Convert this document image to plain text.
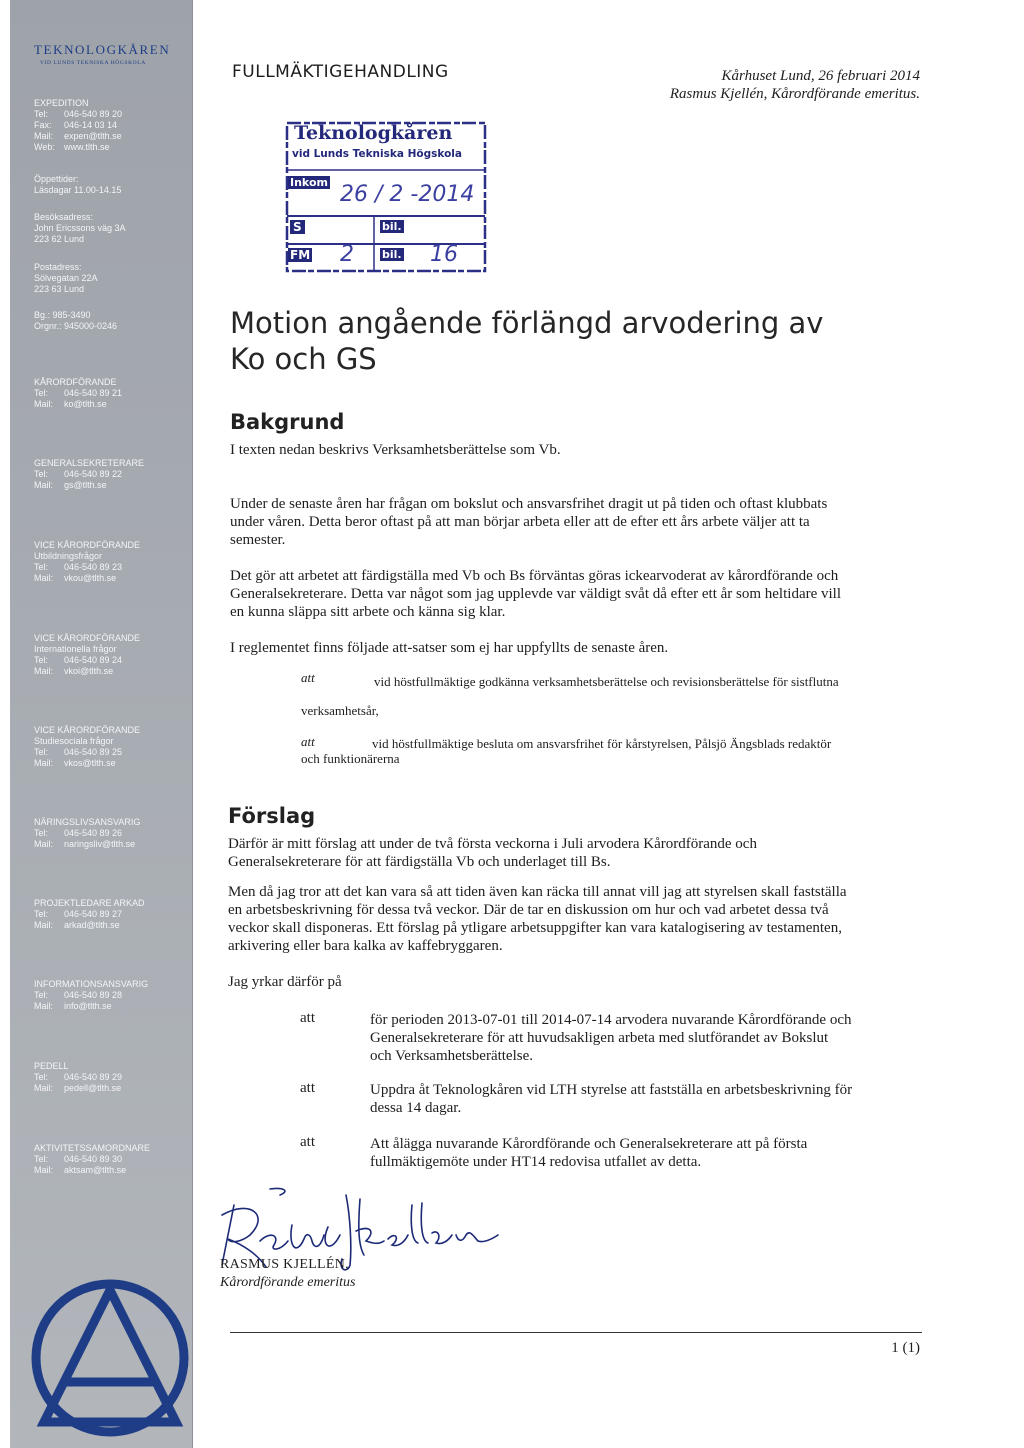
TEKNOLOGKÅREN
VID LUNDS TEKNISKA HÖGSKOLA
EXPEDITION
Tel:	046-540 89 20
Fax:	046-14 03 14
Mail:	expen@tlth.se
Web:	www.tlth.se
Öppettider:
Läsdagar 11.00-14.15
Besöksadress:
John Ericssons väg 3A
223 62 Lund
Postadress:
Sölvegatan 22A
223 63 Lund
Bg.: 985-3490
Orgnr.: 945000-0246
KÅRORDFÖRANDE
Tel:	046-540 89 21
Mail:	ko@tlth.se
GENERALSEKRETERARE
Tel:	046-540 89 22
Mail:	gs@tlth.se
VICE KÅRORDFÖRANDE
Utbildningsfrågor
Tel:	046-540 89 23
Mail:	vkou@tlth.se
VICE KÅRORDFÖRANDE
Internationella frågor
Tel:	046-540 89 24
Mail:	vkoi@tlth.se
VICE KÅRORDFÖRANDE
Studiesociala frågor
Tel:	046-540 89 25
Mail:	vkos@tlth.se
NÄRINGSLIVSANSVARIG
Tel:	046-540 89 26
Mail:	naringsliv@tlth.se
PROJEKTLEDARE ARKAD
Tel:	046-540 89 27
Mail:	arkad@tlth.se
INFORMATIONSANSVARIG
Tel:	046-540 89 28
Mail:	info@tlth.se
PEDELL
Tel:	046-540 89 29
Mail:	pedell@tlth.se
AKTIVITETSSAMORDNARE
Tel:	046-540 89 30
Mail:	aktsam@tlth.se
FULLMÄKTIGEHANDLING	Kårhuset Lund, 26 februari 2014
Rasmus Kjellén, Kårordförande emeritus.
Teknologkåren
vid Lunds Tekniska Högskola
Inkom 26 / 2 -2014
S	bil.
FM 2	bil. 16
Motion angående förlängd arvodering av
Ko och GS
Bakgrund
I texten nedan beskrivs Verksamhetsberättelse som Vb.
Under de senaste åren har frågan om bokslut och ansvarsfrihet dragit ut på tiden och oftast klubbats
under våren. Detta beror oftast på att man börjar arbeta eller att de efter ett års arbete väljer att ta
semester.
Det gör att arbetet att färdigställa med Vb och Bs förväntas göras ickearvoderat av kårordförande och
Generalsekreterare. Detta var något som jag upplevde var väldigt svåt då efter ett år som heltidare vill
en kunna släppa sitt arbete och känna sig klar.
I reglementet finns följade att-satser som ej har uppfyllts de senaste åren.
att	vid höstfullmäktige godkänna verksamhetsberättelse och revisionsberättelse för sistflutna
verksamhetsår,
att	vid höstfullmäktige besluta om ansvarsfrihet för kårstyrelsen, Pålsjö Ängsblads redaktör
och funktionärerna
Förslag
Därför är mitt förslag att under de två första veckorna i Juli arvodera Kårordförande och
Generalsekreterare för att färdigställa Vb och underlaget till Bs.
Men då jag tror att det kan vara så att tiden även kan räcka till annat vill jag att styrelsen skall fastställa
en arbetsbeskrivning för dessa två veckor. Där de tar en diskussion om hur och vad arbetet dessa två
veckor skall disponeras. Ett förslag på ytligare arbetsuppgifter kan vara katalogisering av testamenten,
arkivering eller bara kalka av kaffebryggaren.
Jag yrkar därför på
att	för perioden 2013-07-01 till 2014-07-14 arvodera nuvarande Kårordförande och
Generalsekreterare för att huvudsakligen arbeta med slutförandet av Bokslut
och Verksamhetsberättelse.
att	Uppdra åt Teknologkåren vid LTH styrelse att fastställa en arbetsbeskrivning för
dessa 14 dagar.
att	Att ålägga nuvarande Kårordförande och Generalsekreterare att på första
fullmäktigemöte under HT14 redovisa utfallet av detta.
RASMUS KJELLÉN,
Kårordförande emeritus
1 (1)
